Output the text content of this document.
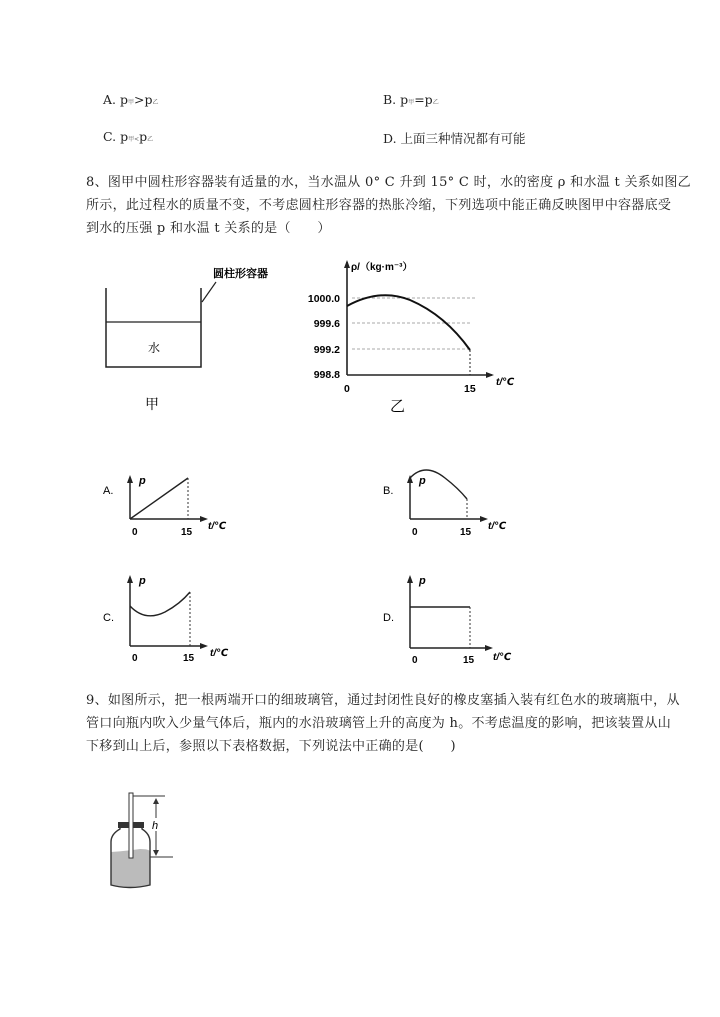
A. p甲>p乙	B. p甲=p乙
C. p甲<p乙	D. 上面三种情况都有可能
8、图甲中圆柱形容器装有适量的水，当水温从 0° C 升到 15° C 时，水的密度 ρ 和水温 t 关系如图乙
所示，此过程水的质量不变，不考虑圆柱形容器的热胀冷缩，下列选项中能正确反映图甲中容器底受
到水的压强 p 和水温 t 关系的是（　　）
圆柱形容器
水
甲
ρ/（kg·m⁻³）
1000.0
999.6
999.2
998.8
0	15
t/℃
乙
A.
p
0	15
t/℃
B.
p
0	15
t/℃
C.
p
0	15 t/℃
D.
p
0	15 t/℃
9、如图所示，把一根两端开口的细玻璃管，通过封闭性良好的橡皮塞插入装有红色水的玻璃瓶中，从
管口向瓶内吹入少量气体后，瓶内的水沿玻璃管上升的高度为 h。不考虑温度的影响，把该装置从山
下移到山上后，参照以下表格数据，下列说法中正确的是(　　)
h
